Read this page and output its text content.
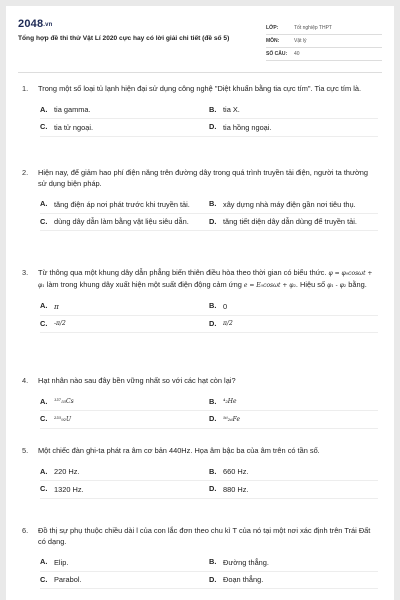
2048.vn
Tổng hợp đề thi thử Vật Lí 2020 cực hay có lời giải chi tiết (đề số 5)
LỚP:	Tốt nghiệp THPT
MÔN:	Vật lý
SỐ CÂU:	40
1.	Trong một số loại tủ lạnh hiện đại sử dụng công nghệ "Diệt khuẩn bằng tia cực tím". Tia cực tím là.
A. tia gamma.	B. tia X.
C. tia tử ngoại.	D. tia hồng ngoại.
2.	Hiện nay, để giảm hao phí điện năng trên đường dây trong quá trình truyền tải điện, người ta thường sử dụng biện pháp.
A. tăng điện áp nơi phát trước khi truyền tải.	B. xây dựng nhà máy điện gần nơi tiêu thụ.
C. dùng dây dẫn làm bằng vật liệu siêu dẫn.	D. tăng tiết diện dây dẫn dùng để truyền tải.
3.	Từ thông qua một khung dây dẫn phẳng biến thiên điều hòa theo thời gian có biểu thức. φ = φ₀cosωt + φ₁ làm trong khung dây xuất hiện một suất điện động cảm ứng e = E₀cosωt + φ₂. Hiệu số φ₁ - φ₂ bằng.
A. π	B. 0
C.	-π/2	D.	π/2
4.	Hạt nhân nào sau đây bền vững nhất so với các hạt còn lại?
A.	¹³⁷₅₅Cs	B.	⁴₂He
C.	²³⁵₉₂U	D.	⁵⁶₂₆Fe
5.	Một chiếc đàn ghi-ta phát ra âm cơ bản 440Hz. Họa âm bậc ba của âm trên có tần số.
A. 220 Hz.	B. 660 Hz.
C. 1320 Hz.	D. 880 Hz.
6.	Đồ thị sự phụ thuộc chiều dài l của con lắc đơn theo chu kì T của nó tại một nơi xác định trên Trái Đất có dạng.
A. Elip.	B. Đường thẳng.
C. Parabol.	D. Đoạn thẳng.
